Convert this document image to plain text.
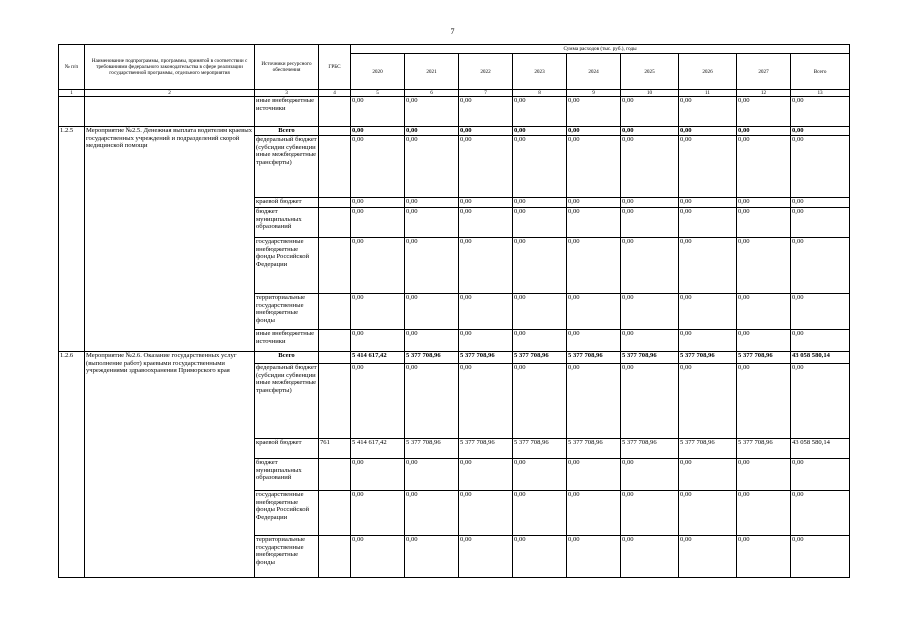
7
№ п/п	Наименование подпрограммы, программы, принятой в соответствии с требованиями федерального законодательства в сфере реализации государственной программы, отдельного мероприятия	Источники ресурсного обеспечения	ГРБС	Сумма расходов (тыс. руб.), годы								
				2020	2021	2022	2023	2024	2025	2026	2027	Всего
1	2	3	4	5	6	7	8	9	10	11	12	13
		иные внебюджетные источники		0,00	0,00	0,00	0,00	0,00	0,00	0,00	0,00	0,00
1.2.5	Мероприятие №2.5. Денежная выплата водителям краевых государственных учреждений и подразделений скорой медицинской помощи	Всего		0,00	0,00	0,00	0,00	0,00	0,00	0,00	0,00	0,00
		федеральный бюджет (субсидии субвенции иные межбюджетные трансферты)		0,00	0,00	0,00	0,00	0,00	0,00	0,00	0,00	0,00
		краевой бюджет		0,00	0,00	0,00	0,00	0,00	0,00	0,00	0,00	0,00
		бюджет муниципальных образований		0,00	0,00	0,00	0,00	0,00	0,00	0,00	0,00	0,00
		государственные внебюджетные фонды Российской Федерации		0,00	0,00	0,00	0,00	0,00	0,00	0,00	0,00	0,00
		территориальные государственные внебюджетные фонды		0,00	0,00	0,00	0,00	0,00	0,00	0,00	0,00	0,00
		иные внебюджетные источники		0,00	0,00	0,00	0,00	0,00	0,00	0,00	0,00	0,00
1.2.6	Мероприятие №2.6. Оказание государственных услуг (выполнение работ) краевыми государственными учреждениями здравоохранения Приморского края	Всего		5 414 617,42	5 377 708,96	5 377 708,96	5 377 708,96	5 377 708,96	5 377 708,96	5 377 708,96	5 377 708,96	43 058 580,14
		федеральный бюджет (субсидии субвенции иные межбюджетные трансферты)		0,00	0,00	0,00	0,00	0,00	0,00	0,00	0,00	0,00
		краевой бюджет	761	5 414 617,42	5 377 708,96	5 377 708,96	5 377 708,96	5 377 708,96	5 377 708,96	5 377 708,96	5 377 708,96	43 058 580,14
		бюджет муниципальных образований		0,00	0,00	0,00	0,00	0,00	0,00	0,00	0,00	0,00
		государственные внебюджетные фонды Российской Федерации		0,00	0,00	0,00	0,00	0,00	0,00	0,00	0,00	0,00
		территориальные государственные внебюджетные фонды		0,00	0,00	0,00	0,00	0,00	0,00	0,00	0,00	0,00
